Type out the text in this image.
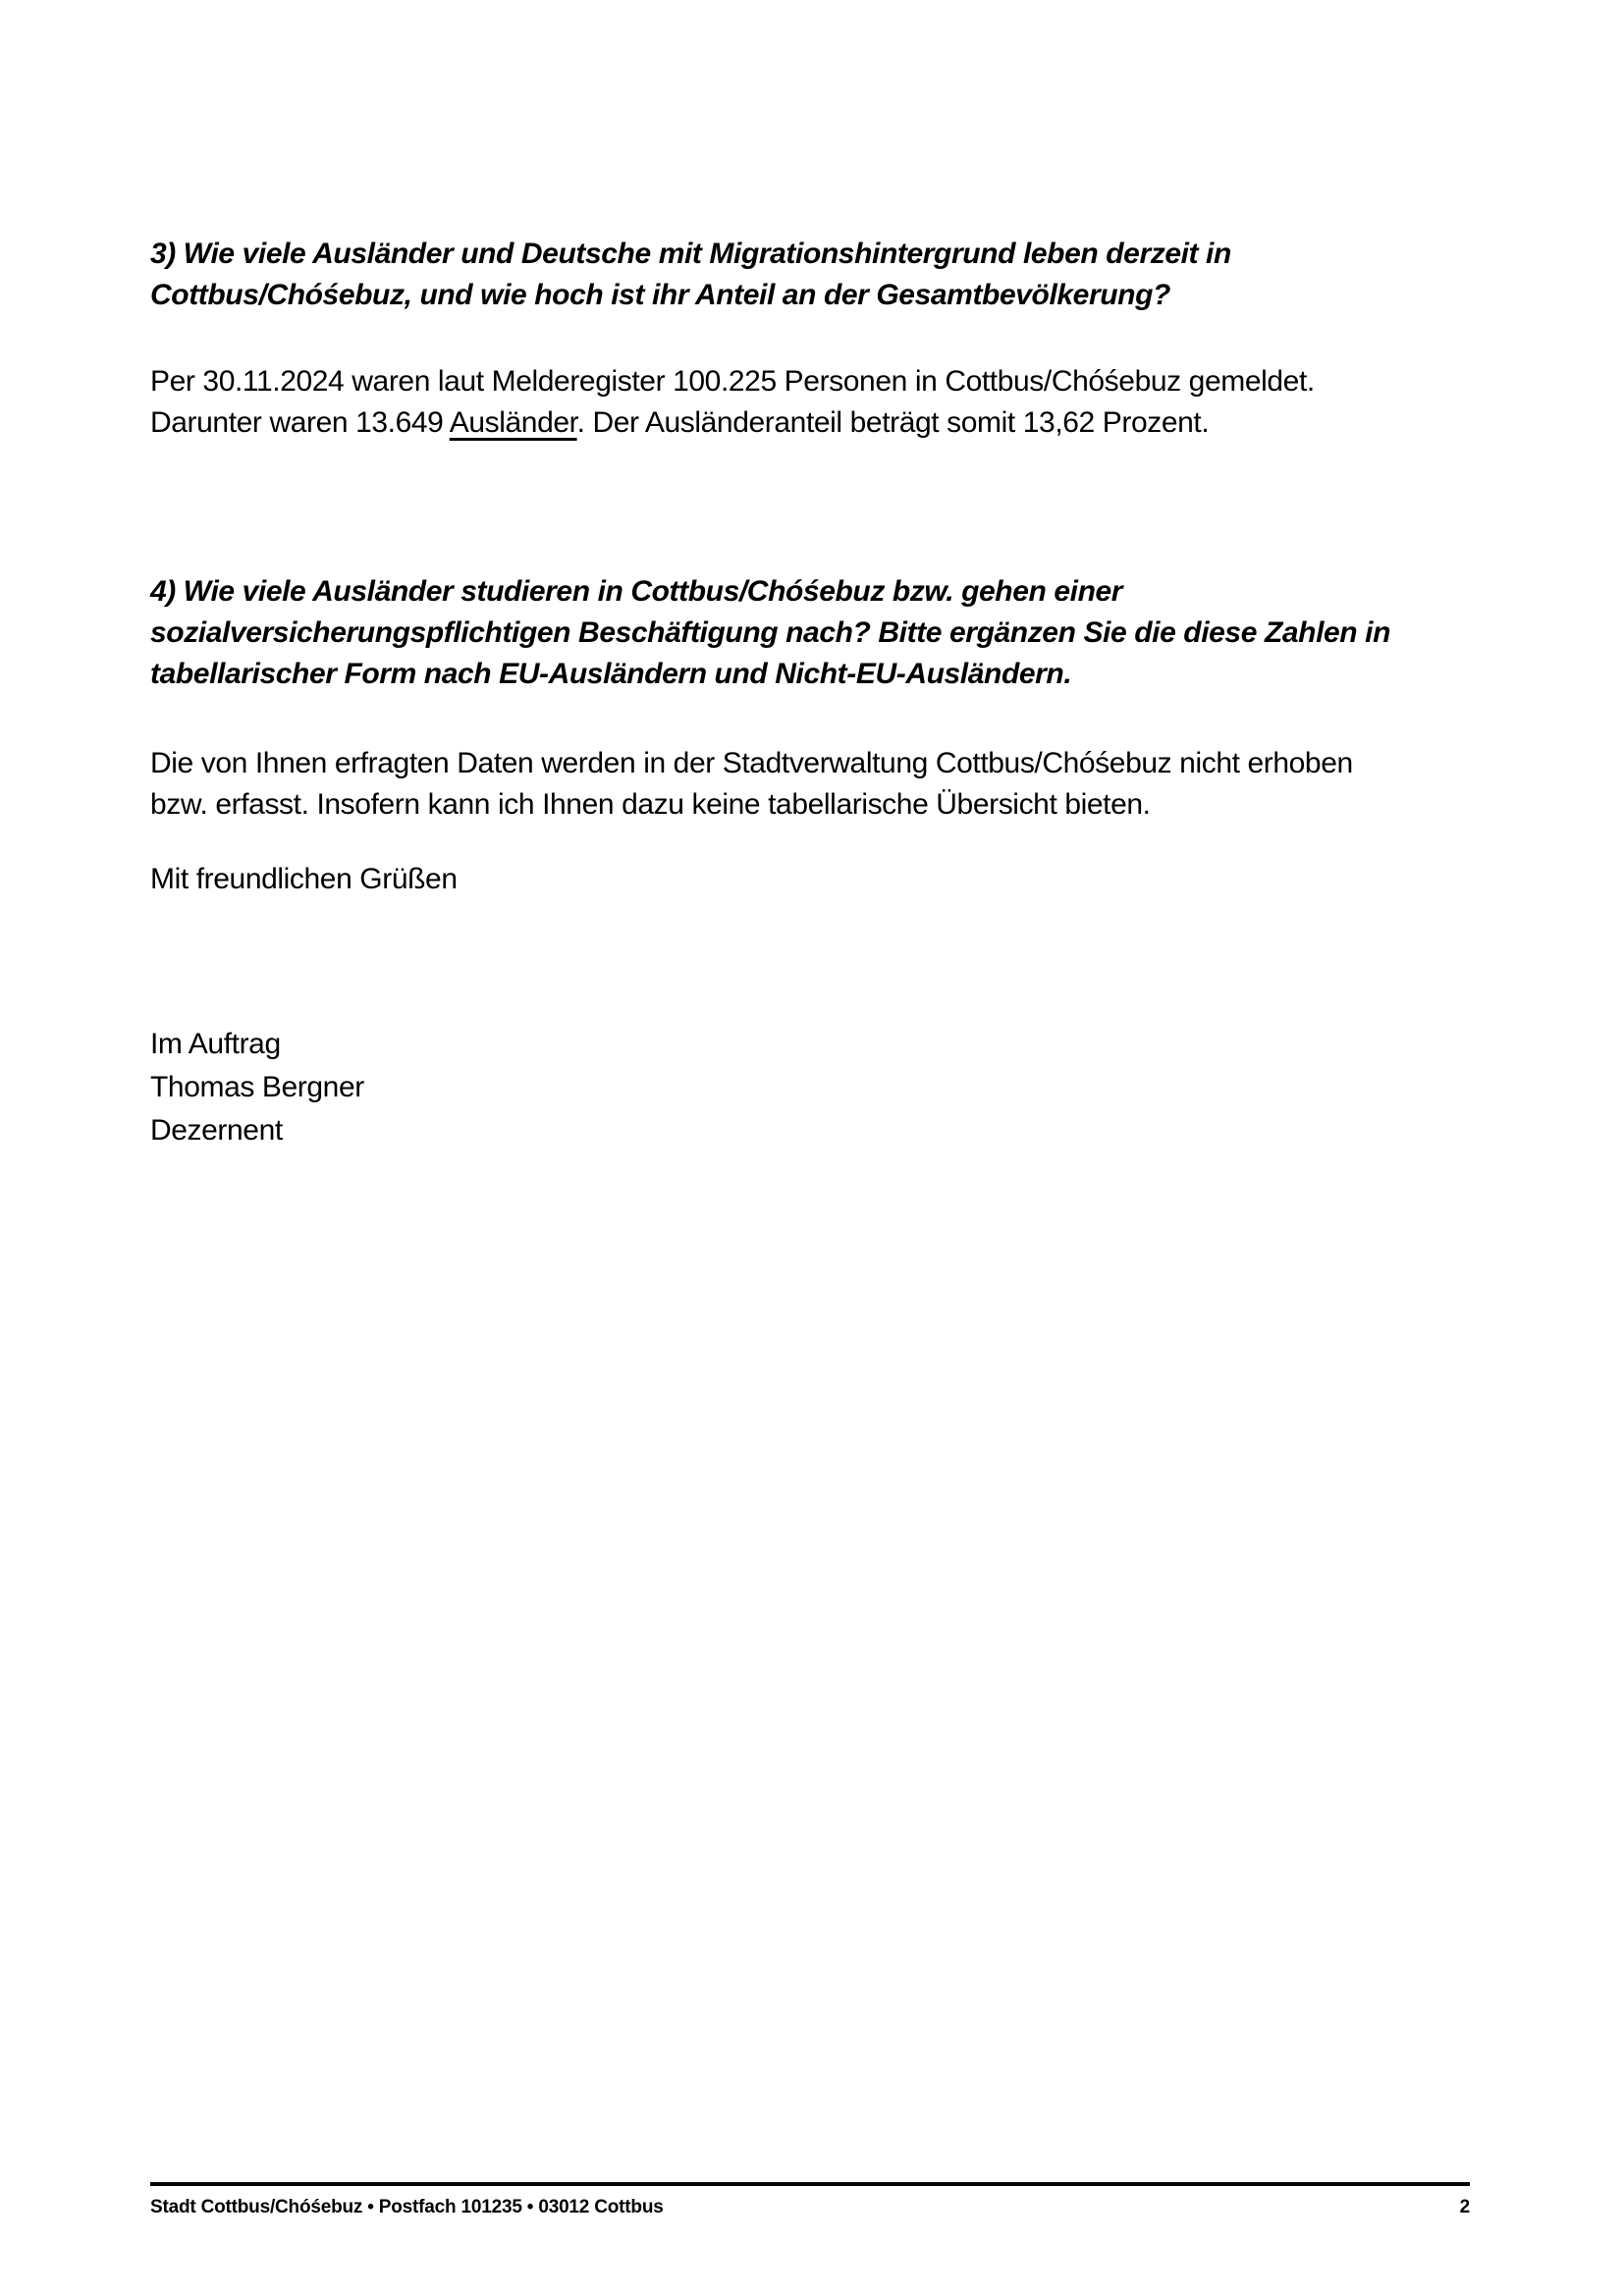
3) Wie viele Ausländer und Deutsche mit Migrationshintergrund leben derzeit in
Cottbus/Chóśebuz, und wie hoch ist ihr Anteil an der Gesamtbevölkerung?
Per 30.11.2024 waren laut Melderegister 100.225 Personen in Cottbus/Chóśebuz gemeldet.
Darunter waren 13.649 Ausländer. Der Ausländeranteil beträgt somit 13,62 Prozent.
4) Wie viele Ausländer studieren in Cottbus/Chóśebuz bzw. gehen einer
sozialversicherungspflichtigen Beschäftigung nach? Bitte ergänzen Sie die diese Zahlen in
tabellarischer Form nach EU-Ausländern und Nicht-EU-Ausländern.
Die von Ihnen erfragten Daten werden in der Stadtverwaltung Cottbus/Chóśebuz nicht erhoben
bzw. erfasst. Insofern kann ich Ihnen dazu keine tabellarische Übersicht bieten.
Mit freundlichen Grüßen
Im Auftrag
Thomas Bergner
Dezernent
Stadt Cottbus/Chóśebuz • Postfach 101235 • 03012 Cottbus	2
